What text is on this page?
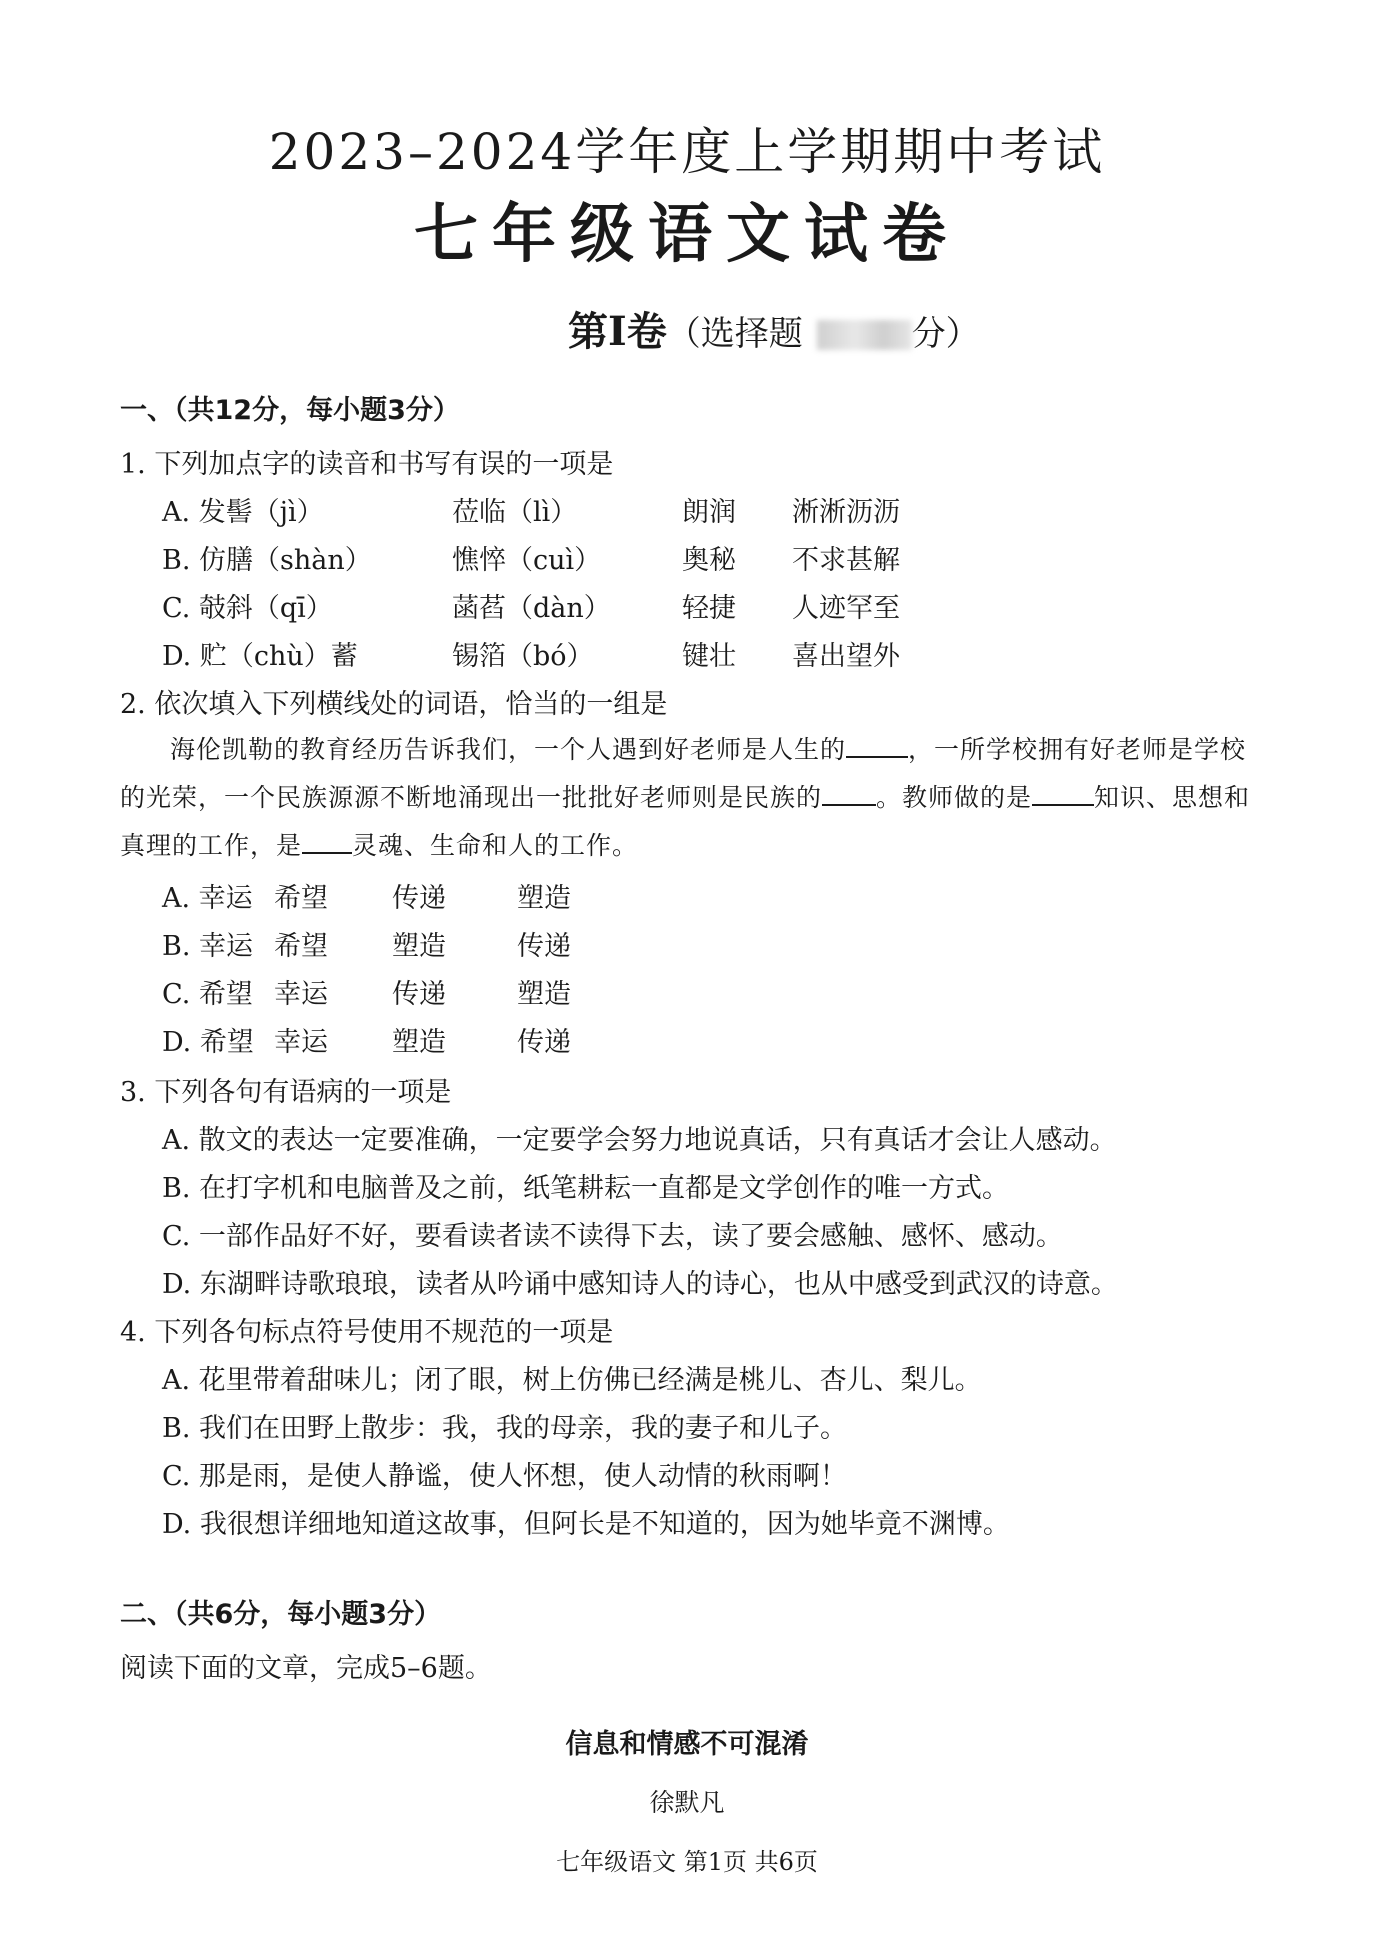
2023–2024学年度上学期期中考试
七年级语文试卷
第I卷（选择题	分）
一、（共12分，每小题3分）
1. 下列加点字的读音和书写有误的一项是
A. 发髻（jì）	莅临（lì）	朗润 淅淅沥沥
B. 仿膳（shàn）	憔悴（cuì）	奥秘 不求甚解
C. 攲斜（qī）	菡萏（dàn）	轻捷 人迹罕至
D. 贮（chù）蓄	锡箔（bó）	键壮 喜出望外
2. 依次填入下列横线处的词语，恰当的一组是
海伦凯勒的教育经历告诉我们，一个人遇到好老师是人生的 ，一所学校拥有好老师是学校的光荣，一个民族源源不断地涌现出一批批好老师则是民族的 。教师做的是 知识、思想和真理的工作，是 灵魂、生命和人的工作。
A. 幸运 希望 传递	塑造
B. 幸运 希望 塑造	传递
C. 希望 幸运 传递	塑造
D. 希望 幸运 塑造	传递
3. 下列各句有语病的一项是
A. 散文的表达一定要准确，一定要学会努力地说真话，只有真话才会让人感动。
B. 在打字机和电脑普及之前，纸笔耕耘一直都是文学创作的唯一方式。
C. 一部作品好不好，要看读者读不读得下去，读了要会感触、感怀、感动。
D. 东湖畔诗歌琅琅，读者从吟诵中感知诗人的诗心，也从中感受到武汉的诗意。
4. 下列各句标点符号使用不规范的一项是
A. 花里带着甜味儿；闭了眼，树上仿佛已经满是桃儿、杏儿、梨儿。
B. 我们在田野上散步：我，我的母亲，我的妻子和儿子。
C. 那是雨，是使人静谧，使人怀想，使人动情的秋雨啊！
D. 我很想详细地知道这故事，但阿长是不知道的，因为她毕竟不渊博。
二、（共6分，每小题3分）
阅读下面的文章，完成5–6题。
信息和情感不可混淆
徐默凡
七年级语文 第1页 共6页
